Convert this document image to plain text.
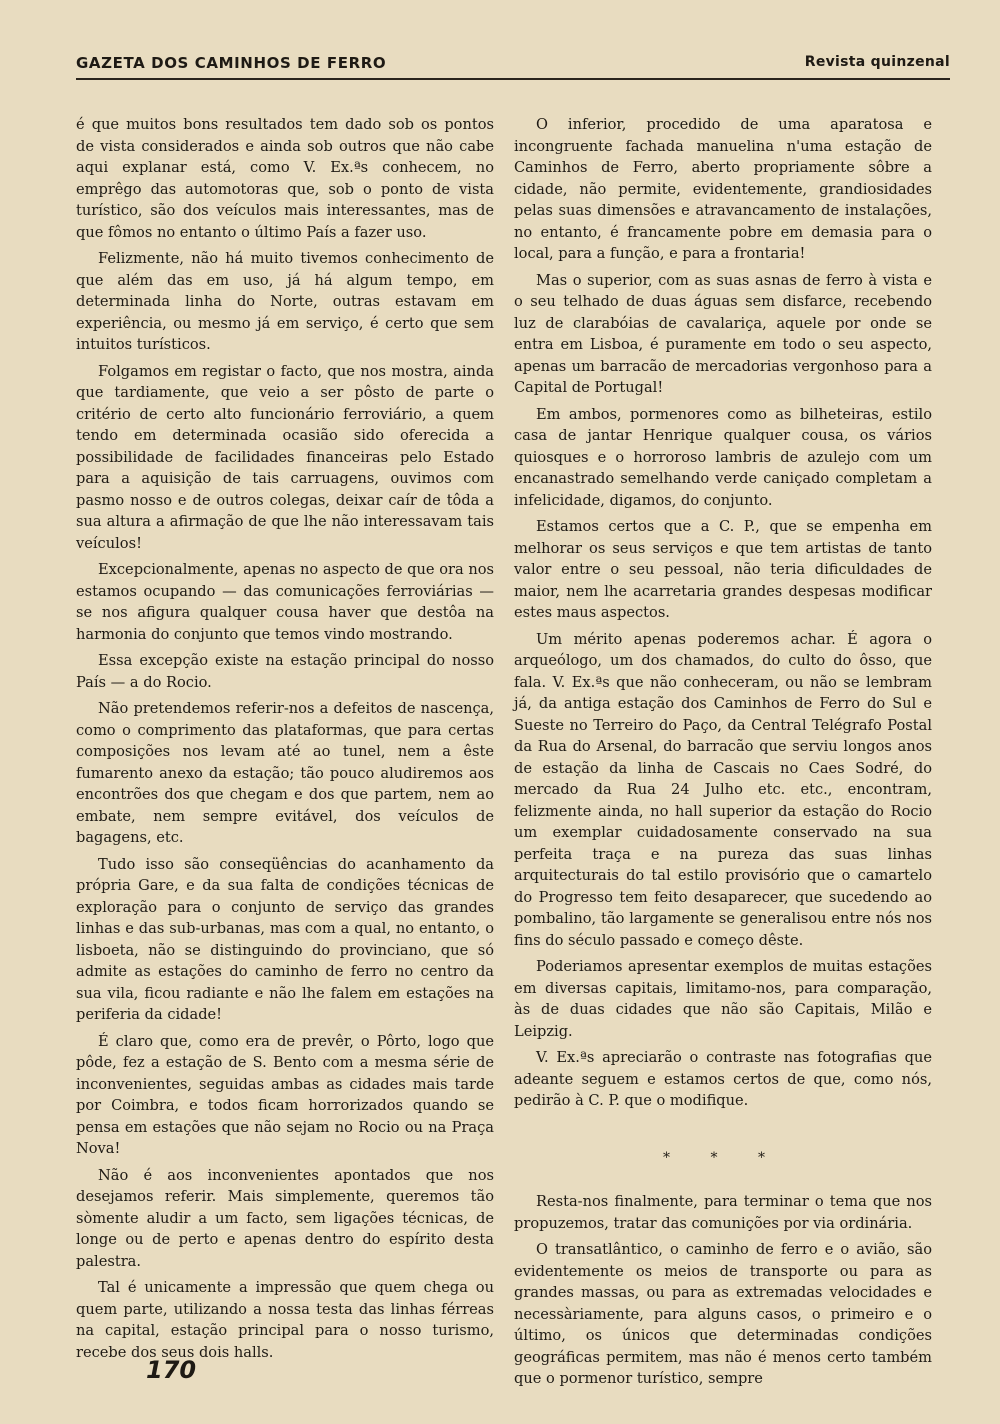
GAZETA DOS CAMINHOS DE FERRO	Revista quinzenal

é que muitos bons resultados tem dado sob os pontos de vista considerados e ainda sob outros que não cabe aqui explanar está, como V. Ex.ªs conhecem, no emprêgo das automotoras que, sob o ponto de vista turístico, são dos veículos mais interessantes, mas de que fômos no entanto o último País a fazer uso.

Felizmente, não há muito tivemos conhecimento de que além das em uso, já há algum tempo, em determinada linha do Norte, outras estavam em experiência, ou mesmo já em serviço, é certo que sem intuitos turísticos.

Folgamos em registar o facto, que nos mostra, ainda que tardiamente, que veio a ser pôsto de parte o critério de certo alto funcionário ferroviário, a quem tendo em determinada ocasião sido oferecida a possibilidade de facilidades financeiras pelo Estado para a aquisição de tais carruagens, ouvimos com pasmo nosso e de outros colegas, deixar caír de tôda a sua altura a afirmação de que lhe não interessavam tais veículos!

Excepcionalmente, apenas no aspecto de que ora nos estamos ocupando — das comunicações ferroviárias — se nos afigura qualquer cousa haver que destôa na harmonia do conjunto que temos vindo mostrando.

Essa excepção existe na estação principal do nosso País — a do Rocio.

Não pretendemos referir-nos a defeitos de nascença, como o comprimento das plataformas, que para certas composições nos levam até ao tunel, nem a êste fumarento anexo da estação; tão pouco aludiremos aos encontrões dos que chegam e dos que partem, nem ao embate, nem sempre evitável, dos veículos de bagagens, etc.

Tudo isso são conseqüências do acanhamento da própria Gare, e da sua falta de condições técnicas de exploração para o conjunto de serviço das grandes linhas e das sub-urbanas, mas com a qual, no entanto, o lisboeta, não se distinguindo do provinciano, que só admite as estações do caminho de ferro no centro da sua vila, ficou radiante e não lhe falem em estações na periferia da cidade!

É claro que, como era de prevêr, o Pôrto, logo que pôde, fez a estação de S. Bento com a mesma série de inconvenientes, seguidas ambas as cidades mais tarde por Coimbra, e todos ficam horrorizados quando se pensa em estações que não sejam no Rocio ou na Praça Nova!

Não é aos inconvenientes apontados que nos desejamos referir. Mais simplemente, queremos tão sòmente aludir a um facto, sem ligações técnicas, de longe ou de perto e apenas dentro do espírito desta palestra.

Tal é unicamente a impressão que quem chega ou quem parte, utilizando a nossa testa das linhas férreas na capital, estação principal para o nosso turismo, recebe dos seus dois halls.

O inferior, procedido de uma aparatosa e incongruente fachada manuelina n'uma estação de Caminhos de Ferro, aberto propriamente sôbre a cidade, não permite, evidentemente, grandiosidades pelas suas dimensões e atravancamento de instalações, no entanto, é francamente pobre em demasia para o local, para a função, e para a frontaria!

Mas o superior, com as suas asnas de ferro à vista e o seu telhado de duas águas sem disfarce, recebendo luz de clarabóias de cavalariça, aquele por onde se entra em Lisboa, é puramente em todo o seu aspecto, apenas um barracão de mercadorias vergonhoso para a Capital de Portugal!

Em ambos, pormenores como as bilheteiras, estilo casa de jantar Henrique qualquer cousa, os vários quiosques e o horroroso lambris de azulejo com um encanastrado semelhando verde caniçado completam a infelicidade, digamos, do conjunto.

Estamos certos que a C. P., que se empenha em melhorar os seus serviços e que tem artistas de tanto valor entre o seu pessoal, não teria dificuldades de maior, nem lhe acarretaria grandes despesas modificar estes maus aspectos.

Um mérito apenas poderemos achar. É agora o arqueólogo, um dos chamados, do culto do ôsso, que fala. V. Ex.ªs que não conheceram, ou não se lembram já, da antiga estação dos Caminhos de Ferro do Sul e Sueste no Terreiro do Paço, da Central Telégrafo Postal da Rua do Arsenal, do barracão que serviu longos anos de estação da linha de Cascais no Caes Sodré, do mercado da Rua 24 Julho etc. etc., encontram, felizmente ainda, no hall superior da estação do Rocio um exemplar cuidadosamente conservado na sua perfeita traça e na pureza das suas linhas arquitecturais do tal estilo provisório que o camartelo do Progresso tem feito desaparecer, que sucedendo ao pombalino, tão largamente se generalisou entre nós nos fins do século passado e começo dêste.

Poderiamos apresentar exemplos de muitas estações em diversas capitais, limitamo-nos, para comparação, às de duas cidades que não são Capitais, Milão e Leipzig.

V. Ex.ªs apreciarão o contraste nas fotografias que adeante seguem e estamos certos de que, como nós, pedirão à C. P. que o modifique.

* * *

Resta-nos finalmente, para terminar o tema que nos propuzemos, tratar das comunições por via ordinária.

O transatlântico, o caminho de ferro e o avião, são evidentemente os meios de transporte ou para as grandes massas, ou para as extremadas velocidades e necessàriamente, para alguns casos, o primeiro e o último, os únicos que determinadas condições geográficas permitem, mas não é menos certo também que o pormenor turístico, sempre

170
